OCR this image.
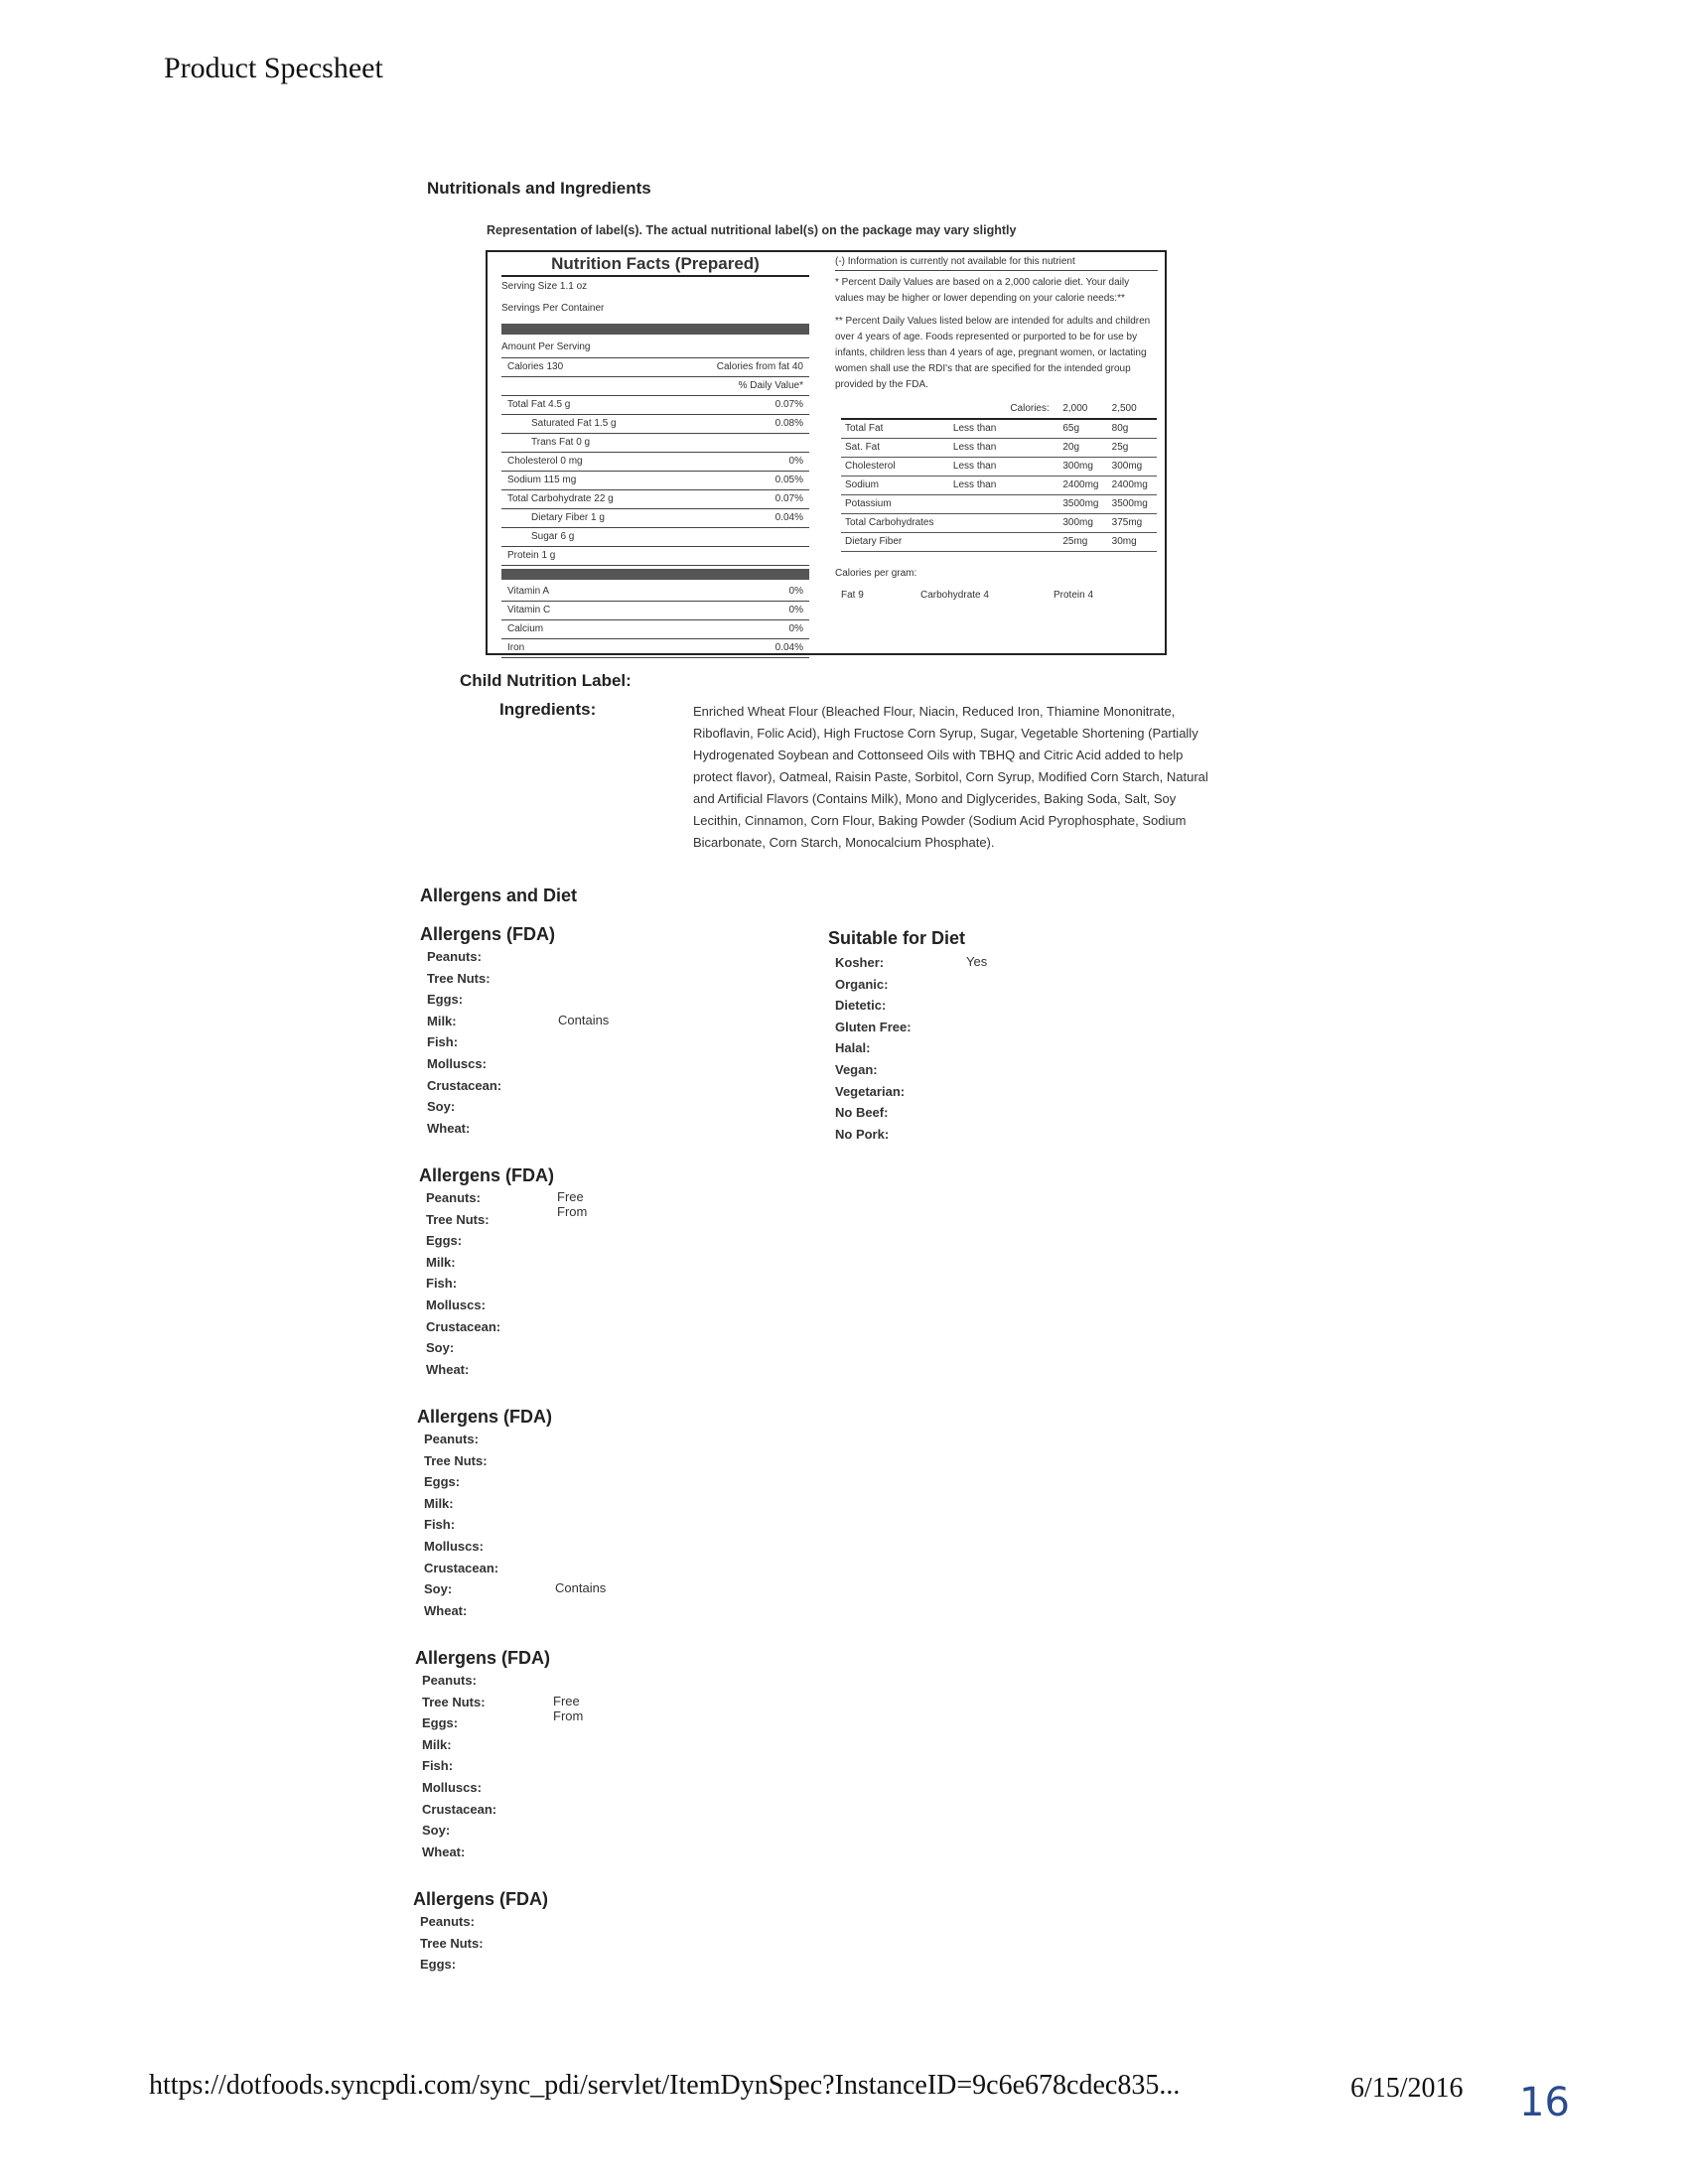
Product Specsheet
Nutritionals and Ingredients
Representation of label(s). The actual nutritional label(s) on the package may vary slightly
Nutrition Facts (Prepared)
Serving Size 1.1 oz
Servings Per Container
Amount Per Serving
Calories 130	Calories from fat 40
% Daily Value*
Total Fat 4.5 g	0.07%
Saturated Fat 1.5 g	0.08%
Trans Fat 0 g
Cholesterol 0 mg	0%
Sodium 115 mg	0.05%
Total Carbohydrate 22 g	0.07%
Dietary Fiber 1 g	0.04%
Sugar 6 g
Protein 1 g
Vitamin A	0%
Vitamin C	0%
Calcium	0%
Iron	0.04%

(-) Information is currently not available for this nutrient

* Percent Daily Values are based on a 2,000 calorie diet. Your daily values may be higher or lower depending on your calorie needs:**

** Percent Daily Values listed below are intended for adults and children over 4 years of age. Foods represented or purported to be for use by infants, children less than 4 years of age, pregnant women, or lactating women shall use the RDI's that are specified for the intended group provided by the FDA.

		Calories:	2,000	2,500
Total Fat	Less than		65g	80g
Sat. Fat	Less than		20g	25g
Cholesterol	Less than		300mg	300mg
Sodium	Less than		2400mg	2400mg
Potassium			3500mg	3500mg
Total Carbohydrates			300mg	375mg
Dietary Fiber			25mg	30mg
Calories per gram:
Fat 9	Carbohydrate 4	Protein 4
Child Nutrition Label:
Ingredients:	Enriched Wheat Flour (Bleached Flour, Niacin, Reduced Iron, Thiamine Mononitrate, Riboflavin, Folic Acid), High Fructose Corn Syrup, Sugar, Vegetable Shortening (Partially Hydrogenated Soybean and Cottonseed Oils with TBHQ and Citric Acid added to help protect flavor), Oatmeal, Raisin Paste, Sorbitol, Corn Syrup, Modified Corn Starch, Natural and Artificial Flavors (Contains Milk), Mono and Diglycerides, Baking Soda, Salt, Soy Lecithin, Cinnamon, Corn Flour, Baking Powder (Sodium Acid Pyrophosphate, Sodium Bicarbonate, Corn Starch, Monocalcium Phosphate).
Allergens and Diet
Allergens (FDA)
Peanuts:
Tree Nuts:
Eggs:
Milk:	Contains
Fish:
Molluscs:
Crustacean:
Soy:
Wheat:
Allergens (FDA)
Peanuts:	Free From
Tree Nuts:
Eggs:
Milk:
Fish:
Molluscs:
Crustacean:
Soy:
Wheat:
Allergens (FDA)
Peanuts:
Tree Nuts:
Eggs:
Milk:
Fish:
Molluscs:
Crustacean:
Soy:	Contains
Wheat:
Allergens (FDA)
Peanuts:
Tree Nuts:	Free From
Eggs:
Milk:
Fish:
Molluscs:
Crustacean:
Soy:
Wheat:
Allergens (FDA)
Peanuts:
Tree Nuts:
Eggs:
Suitable for Diet
Kosher:	Yes
Organic:
Dietetic:
Gluten Free:
Halal:
Vegan:
Vegetarian:
No Beef:
No Pork:
https://dotfoods.syncpdi.com/sync_pdi/servlet/ItemDynSpec?InstanceID=9c6e678cdec835...	6/15/2016 16
